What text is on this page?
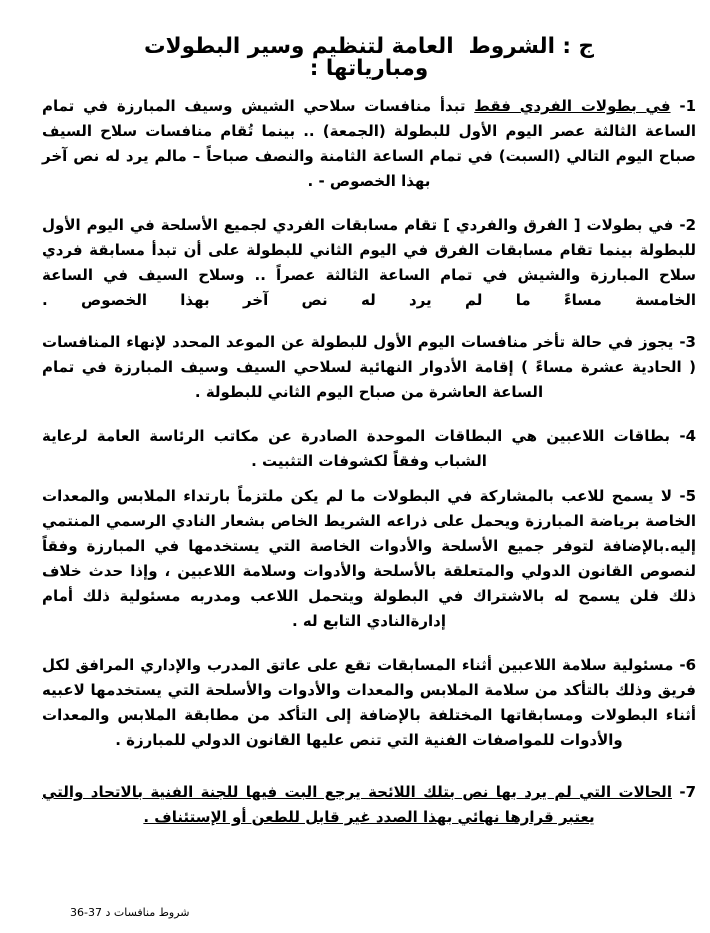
ج : الشروط  العامة لتنظيم وسير البطولات
ومبارياتها :

1- في بطولات الفردي فقط تبدأ منافسات سلاحي الشيش وسيف المبارزة في تمام الساعة الثالثة عصر اليوم الأول للبطولة (الجمعة) .. بينما تُقام منافسات سلاح السيف صباح اليوم التالي (السبت) في تمام الساعة الثامنة والنصف صباحاً – مالم يرد له نص آخر بهذا الخصوص - .

2- في بطولات [ الفرق والفردي ] تقام مسابقات الفردي لجميع الأسلحة في اليوم الأول للبطولة بينما تقام مسابقات الفرق في اليوم الثاني للبطولة على أن تبدأ مسابقة فردي سلاح المبارزة والشيش في تمام الساعة الثالثة عصراً .. وسلاح السيف في الساعة الخامسة مساءً ما لم يرد له نص آخر بهذا الخصوص .

3- يجوز في حالة تأخر منافسات اليوم الأول للبطولة عن الموعد المحدد لإنهاء المنافسات ( الحادية عشرة مساءً ) إقامة الأدوار النهائية لسلاحي السيف وسيف المبارزة في تمام الساعة العاشرة من صباح اليوم الثاني للبطولة .

4- بطاقات اللاعبين هي البطاقات الموحدة الصادرة عن مكاتب الرئاسة العامة لرعاية الشباب وفقاً لكشوفات التثبيت .

5- لا يسمح للاعب بالمشاركة في البطولات ما لم يكن ملتزماً بارتداء الملابس والمعدات الخاصة برياضة المبارزة ويحمل على ذراعه الشريط الخاص بشعار النادي الرسمي المنتمي إليه.بالإضافة لتوفر جميع الأسلحة والأدوات الخاصة التي يستخدمها في المبارزة وفقاً لنصوص القانون الدولي والمتعلقة بالأسلحة والأدوات وسلامة اللاعبين ، وإذا حدث خلاف ذلك فلن يسمح له بالاشتراك في البطولة ويتحمل اللاعب ومدربه مسئولية ذلك أمام إدارةالنادي التابع له .

6- مسئولية سلامة اللاعبين أثناء المسابقات تقع على عاتق المدرب والإداري المرافق لكل فريق وذلك بالتأكد من سلامة الملابس والمعدات والأدوات والأسلحة التي يستخدمها لاعبيه أثناء البطولات ومسابقاتها المختلفة بالإضافة إلى التأكد من مطابقة الملابس والمعدات والأدوات للمواصفات الفنية التي تنص عليها القانون الدولي للمبارزة .

7- الحالات التي لم يرد بها نص بتلك اللائحة يرجع البت فيها للجنة الفنية بالاتحاد والتي يعتبر قرارها نهائي بهذا الصدد غير قابل للطعن أو الإستئناف .

شروط منافسات د 37-36
